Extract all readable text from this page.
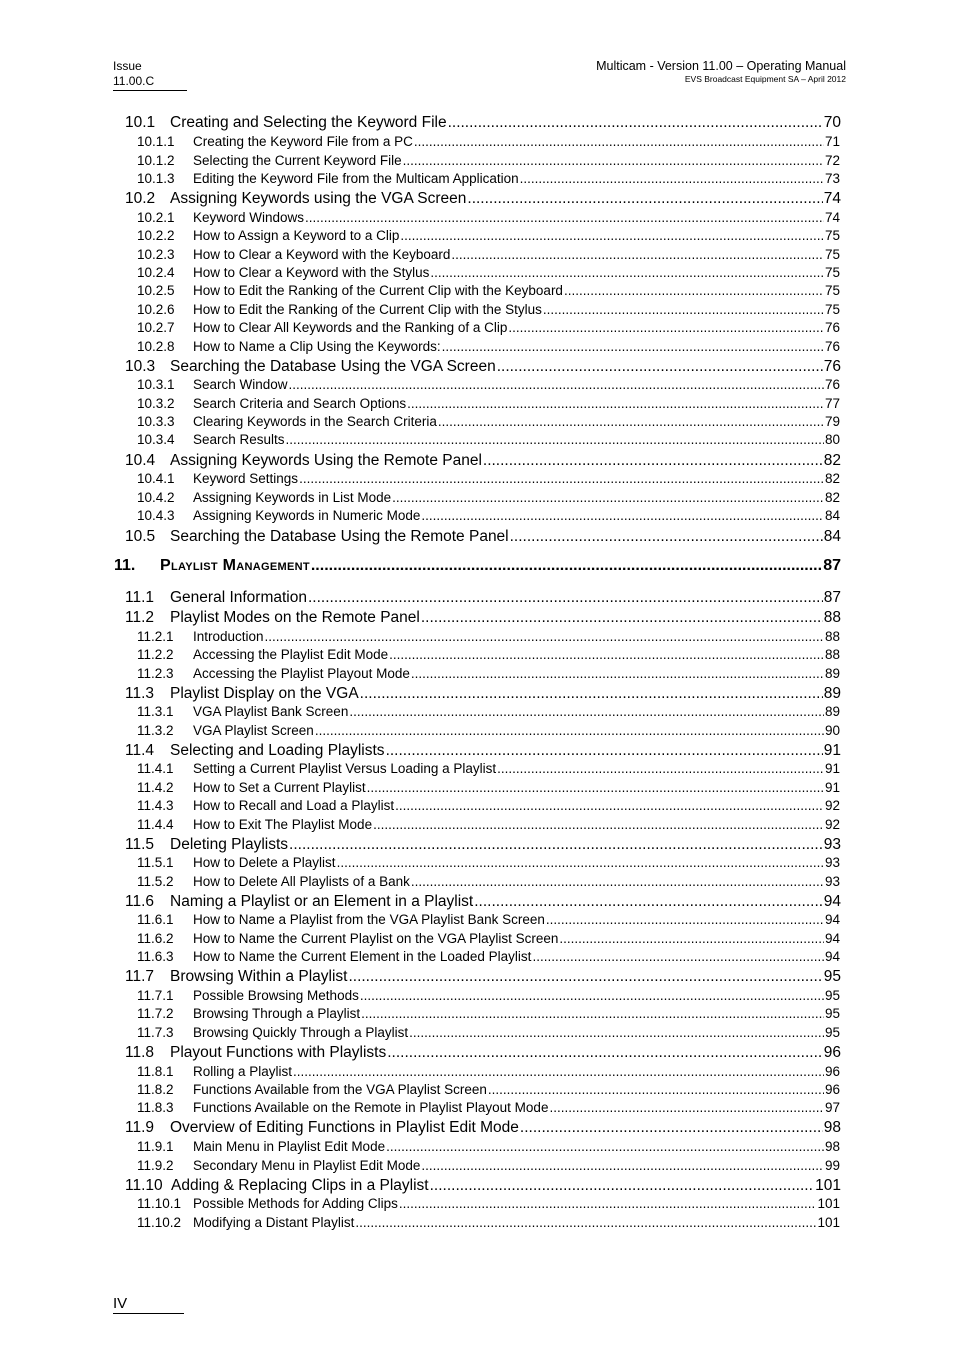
Issue
11.00.C
Multicam - Version 11.00 – Operating Manual
EVS Broadcast Equipment SA – April 2012
10.1 Creating and Selecting the Keyword File .....	70
10.1.1	Creating the Keyword File from a PC .....	71
10.1.2	Selecting the Current Keyword File .....	72
10.1.3	Editing the Keyword File from the Multicam Application .....	73
10.2 Assigning Keywords using the VGA Screen .....	74
10.2.1	Keyword Windows .....	74
10.2.2	How to Assign a Keyword to a Clip .....	75
10.2.3	How to Clear a Keyword with the Keyboard .....	75
10.2.4	How to Clear a Keyword with the Stylus .....	75
10.2.5	How to Edit the Ranking of the Current Clip with the Keyboard .....	75
10.2.6	How to Edit the Ranking of the Current Clip with the Stylus .....	75
10.2.7	How to Clear All Keywords and the Ranking of a Clip .....	76
10.2.8	How to Name a Clip Using the Keywords: .....	76
10.3 Searching the Database Using the VGA Screen .....	76
10.3.1	Search Window .....	76
10.3.2	Search Criteria and Search Options .....	77
10.3.3	Clearing Keywords in the Search Criteria .....	79
10.3.4	Search Results .....	80
10.4 Assigning Keywords Using the Remote Panel .....	82
10.4.1	Keyword Settings .....	82
10.4.2	Assigning Keywords in List Mode .....	82
10.4.3	Assigning Keywords in Numeric Mode .....	84
10.5 Searching the Database Using the Remote Panel .....	84
11.	Playlist Management .....	87
11.1	General Information .....	87
11.2	Playlist Modes on the Remote Panel .....	88
11.2.1	Introduction .....	88
11.2.2	Accessing the Playlist Edit Mode .....	88
11.2.3	Accessing the Playlist Playout Mode .....	89
11.3	Playlist Display on the VGA .....	89
11.3.1	VGA Playlist Bank Screen .....	89
11.3.2	VGA Playlist Screen .....	90
11.4	Selecting and Loading Playlists .....	91
11.4.1	Setting a Current Playlist Versus Loading a Playlist .....	91
11.4.2	How to Set a Current Playlist .....	91
11.4.3	How to Recall and Load a Playlist .....	92
11.4.4	How to Exit The Playlist Mode .....	92
11.5	Deleting Playlists .....	93
11.5.1	How to Delete a Playlist .....	93
11.5.2	How to Delete All Playlists of a Bank .....	93
11.6	Naming a Playlist or an Element in a Playlist .....	94
11.6.1	How to Name a Playlist from the VGA Playlist Bank Screen .....	94
11.6.2	How to Name the Current Playlist on the VGA Playlist Screen .....	94
11.6.3	How to Name the Current Element in the Loaded Playlist .....	94
11.7	Browsing Within a Playlist .....	95
11.7.1	Possible Browsing Methods .....	95
11.7.2	Browsing Through a Playlist .....	95
11.7.3	Browsing Quickly Through a Playlist .....	95
11.8	Playout Functions with Playlists .....	96
11.8.1	Rolling a Playlist .....	96
11.8.2	Functions Available from the VGA Playlist Screen .....	96
11.8.3	Functions Available on the Remote in Playlist Playout Mode .....	97
11.9	Overview of Editing Functions in Playlist Edit Mode .....	98
11.9.1	Main Menu in Playlist Edit Mode .....	98
11.9.2	Secondary Menu in Playlist Edit Mode .....	99
11.10 Adding & Replacing Clips in a Playlist .....	101
11.10.1 Possible Methods for Adding Clips .....	101
11.10.2 Modifying a Distant Playlist .....	101
IV
